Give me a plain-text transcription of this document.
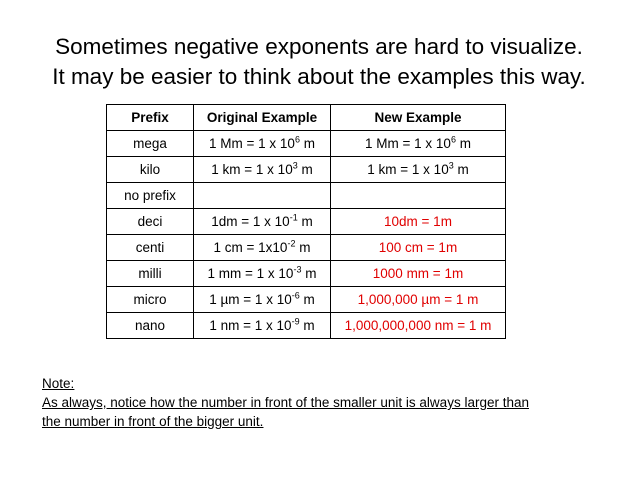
Sometimes negative exponents are hard to visualize.
It may be easier to think about the examples this way.
Prefix	Original Example	New Example
mega	1 Mm = 1 x $10^6$ m	1 Mm = 1 x $10^6$ m
kilo	1 km = 1 x $10^3$ m	1 km = 1 x $10^3$ m
no prefix		
deci	1dm = 1 x $10^{-1}$ m	10dm = 1m
centi	1 cm = $1x10^{-2}$ m	100 cm = 1m
milli	1 mm = 1 x $10^{-3}$ m	1000 mm = 1m
micro	1 µm = 1 x $10^{-6}$ m	1,000,000 µm = 1 m
nano	1 nm = 1 x $10^{-9}$ m	1,000,000,000 nm = 1 m
Note:
As always, notice how the number in front of the smaller unit is always larger than
the number in front of the bigger unit.
